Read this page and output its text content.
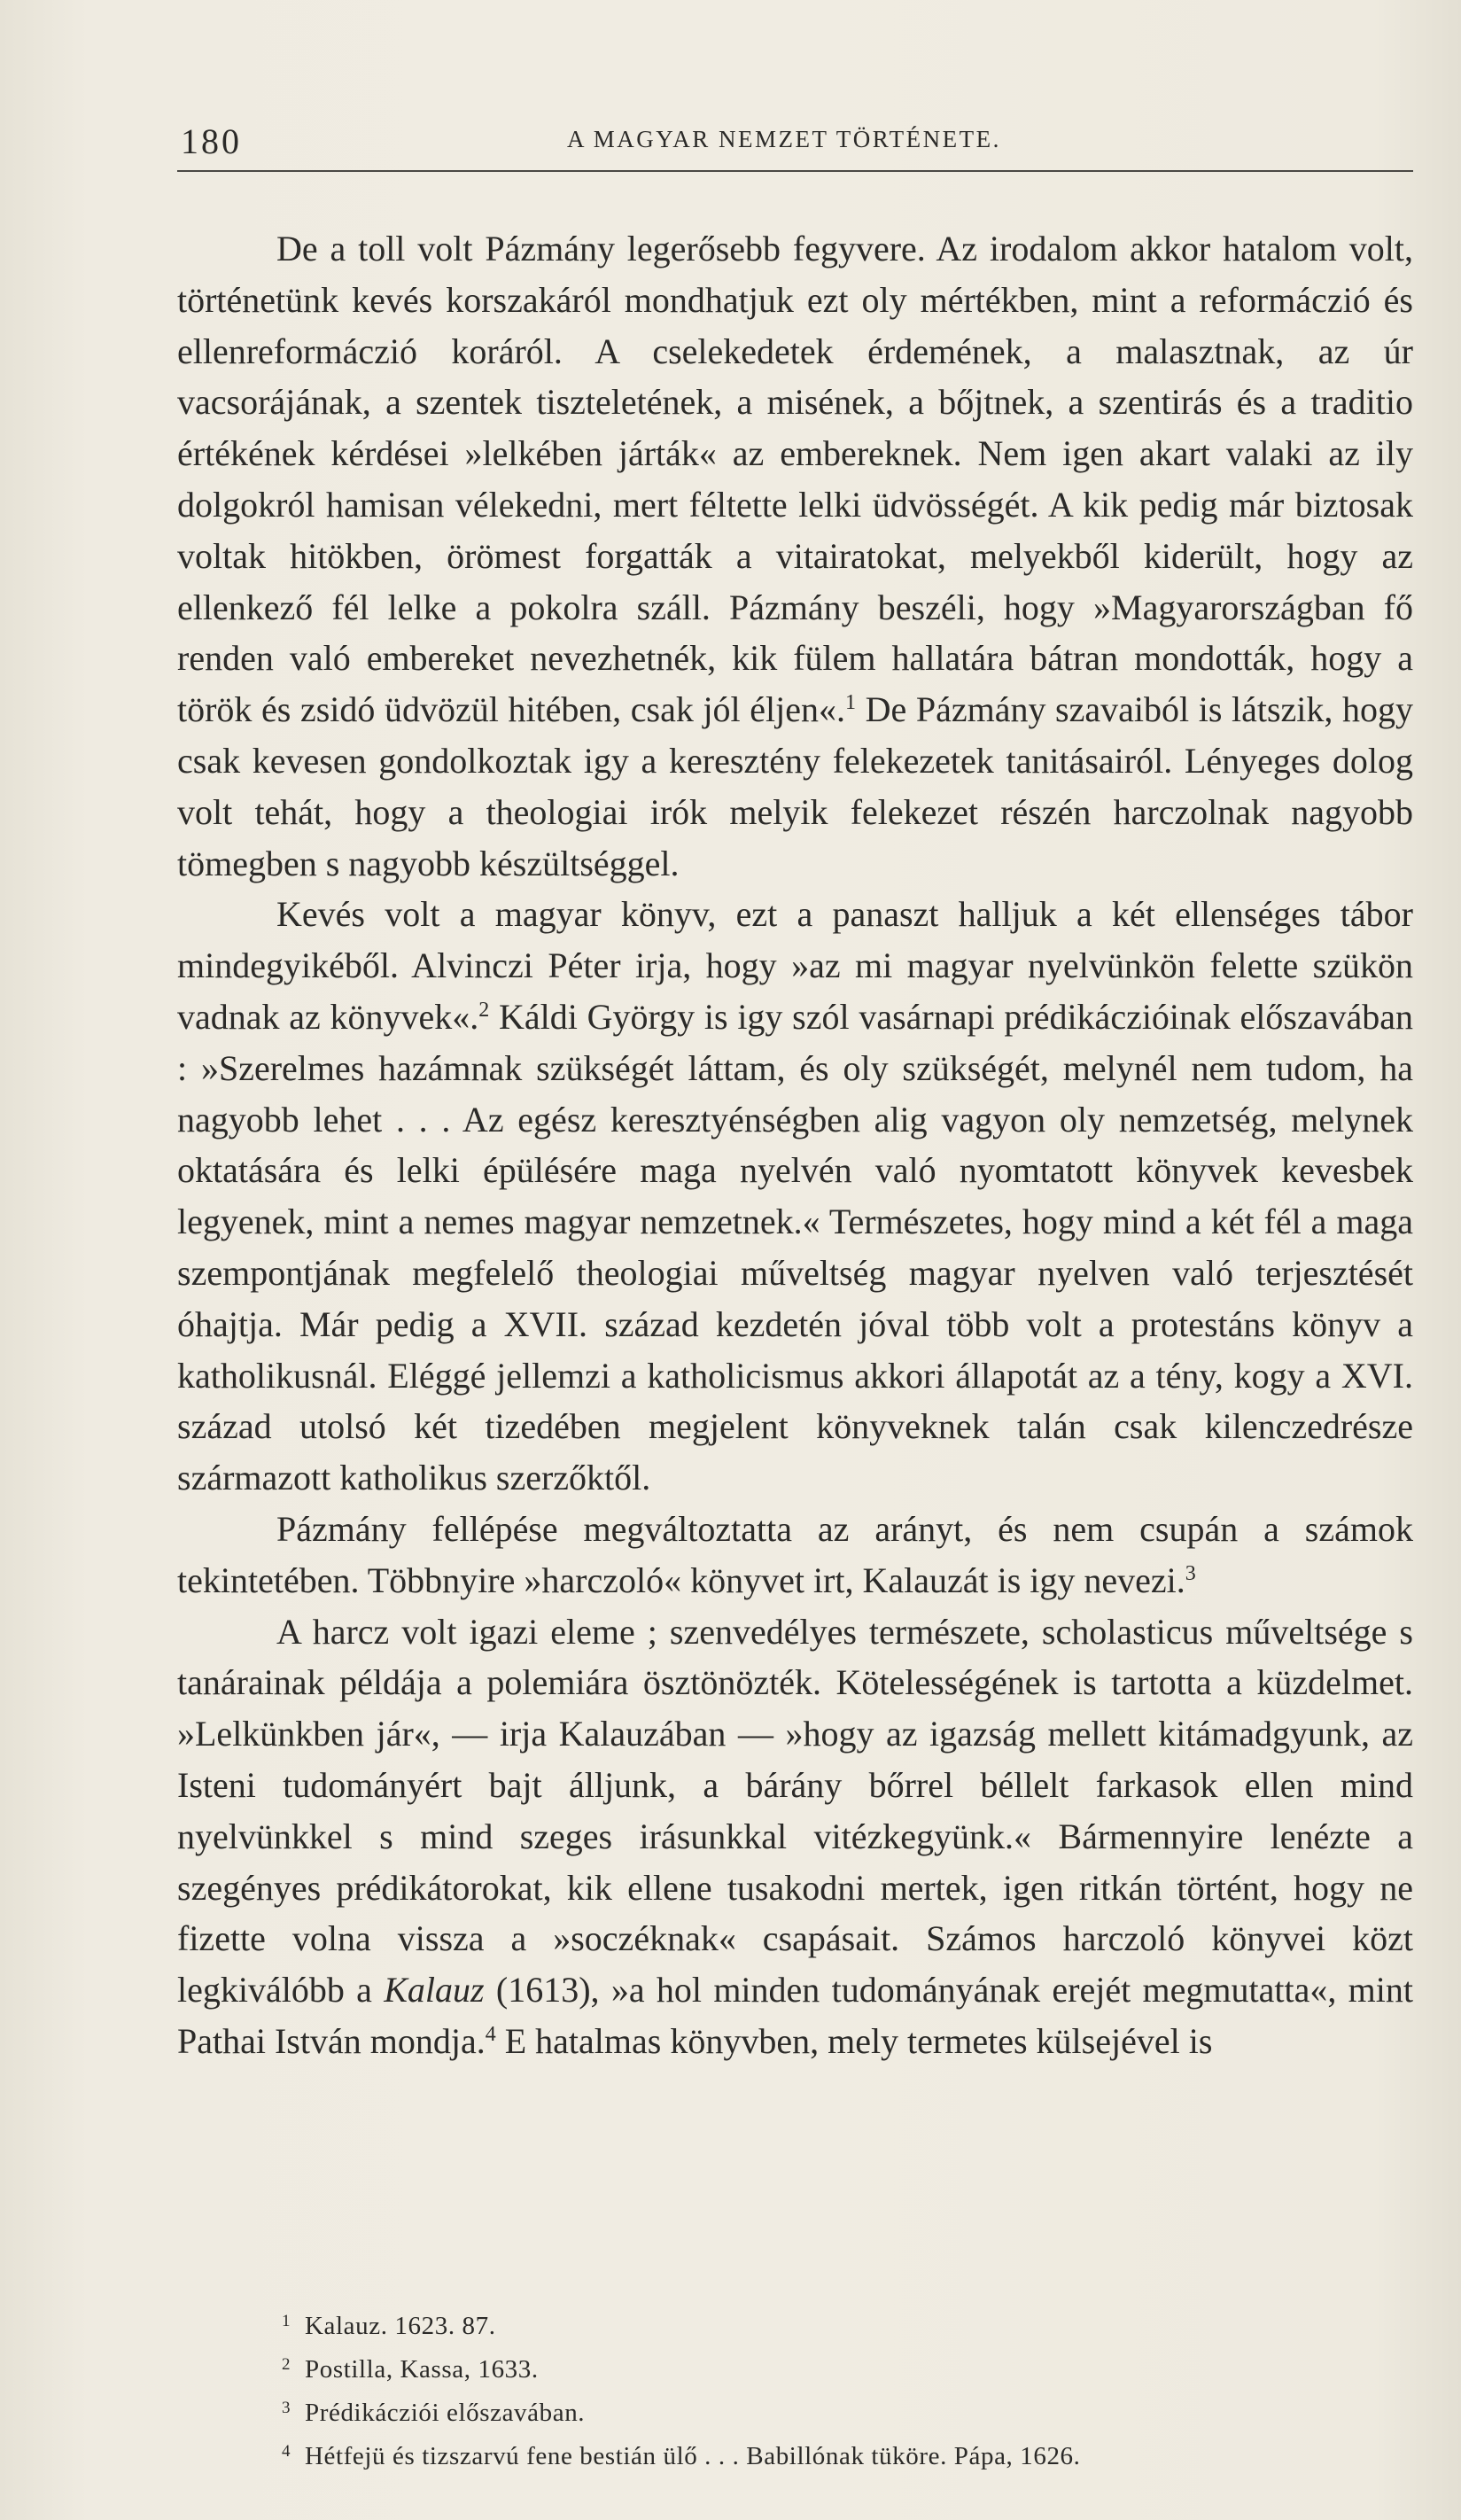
180	A MAGYAR NEMZET TÖRTÉNETE.

De a toll volt Pázmány legerősebb fegyvere. Az irodalom akkor hatalom volt, történetünk kevés korszakáról mondhatjuk ezt oly mértékben, mint a reformáczió és ellenreformáczió koráról. A cselekedetek érdemének, a malasztnak, az úr vacsorájának, a szentek tiszteletének, a misének, a bőjtnek, a szentirás és a traditio értékének kérdései »lelkében járták« az embereknek. Nem igen akart valaki az ily dolgokról hamisan vélekedni, mert féltette lelki üdvösségét. A kik pedig már biztosak voltak hitökben, örömest forgatták a vitairatokat, melyekből kiderült, hogy az ellenkező fél lelke a pokolra száll. Pázmány beszéli, hogy »Magyarországban fő renden való embereket nevezhetnék, kik fülem hallatára bátran mondották, hogy a török és zsidó üdvözül hitében, csak jól éljen«.$^1$ De Pázmány szavaiból is látszik, hogy csak kevesen gondolkoztak igy a keresztény felekezetek tanitásairól. Lényeges dolog volt tehát, hogy a theologiai irók melyik felekezet részén harczolnak nagyobb tömegben s nagyobb készültséggel.

Kevés volt a magyar könyv, ezt a panaszt halljuk a két ellenséges tábor mindegyikéből. Alvinczi Péter irja, hogy »az mi magyar nyelvünkön felette szükön vadnak az könyvek«.$^2$ Káldi György is igy szól vasárnapi prédikáczióinak előszavában : »Szerelmes hazámnak szükségét láttam, és oly szükségét, melynél nem tudom, ha nagyobb lehet . . . Az egész keresztyénségben alig vagyon oly nemzetség, melynek oktatására és lelki épülésére maga nyelvén való nyomtatott könyvek kevesbek legyenek, mint a nemes magyar nemzetnek.« Természetes, hogy mind a két fél a maga szempontjának megfelelő theologiai műveltség magyar nyelven való terjesztését óhajtja. Már pedig a XVII. század kezdetén jóval több volt a protestáns könyv a katholikusnál. Eléggé jellemzi a katholicismus akkori állapotát az a tény, kogy a XVI. század utolsó két tizedében megjelent könyveknek talán csak kilenczedrésze származott katholikus szerzőktől.

Pázmány fellépése megváltoztatta az arányt, és nem csupán a számok tekintetében. Többnyire »harczoló« könyvet irt, Kalauzát is igy nevezi.$^3$

A harcz volt igazi eleme ; szenvedélyes természete, scholasticus műveltsége s tanárainak példája a polemiára ösztönözték. Kötelességének is tartotta a küzdelmet. »Lelkünkben jár«, — irja Kalauzában — »hogy az igazság mellett kitámadgyunk, az Isteni tudományért bajt álljunk, a bárány bőrrel béllelt farkasok ellen mind nyelvünkkel s mind szeges irásunkkal vitézkegyünk.« Bármennyire lenézte a szegényes prédikátorokat, kik ellene tusakodni mertek, igen ritkán történt, hogy ne fizette volna vissza a »soczéknak« csapásait. Számos harczoló könyvei közt legkiválóbb a Kalauz (1613), »a hol minden tudományának erejét megmutatta«, mint Pathai István mondja.$^4$ E hatalmas könyvben, mely termetes külsejével is

1 Kalauz. 1623. 87.
2 Postilla, Kassa, 1633.
3 Prédikácziói előszavában.
4 Hétfejü és tizszarvú fene bestián ülő . . . Babillónak tüköre. Pápa, 1626.
